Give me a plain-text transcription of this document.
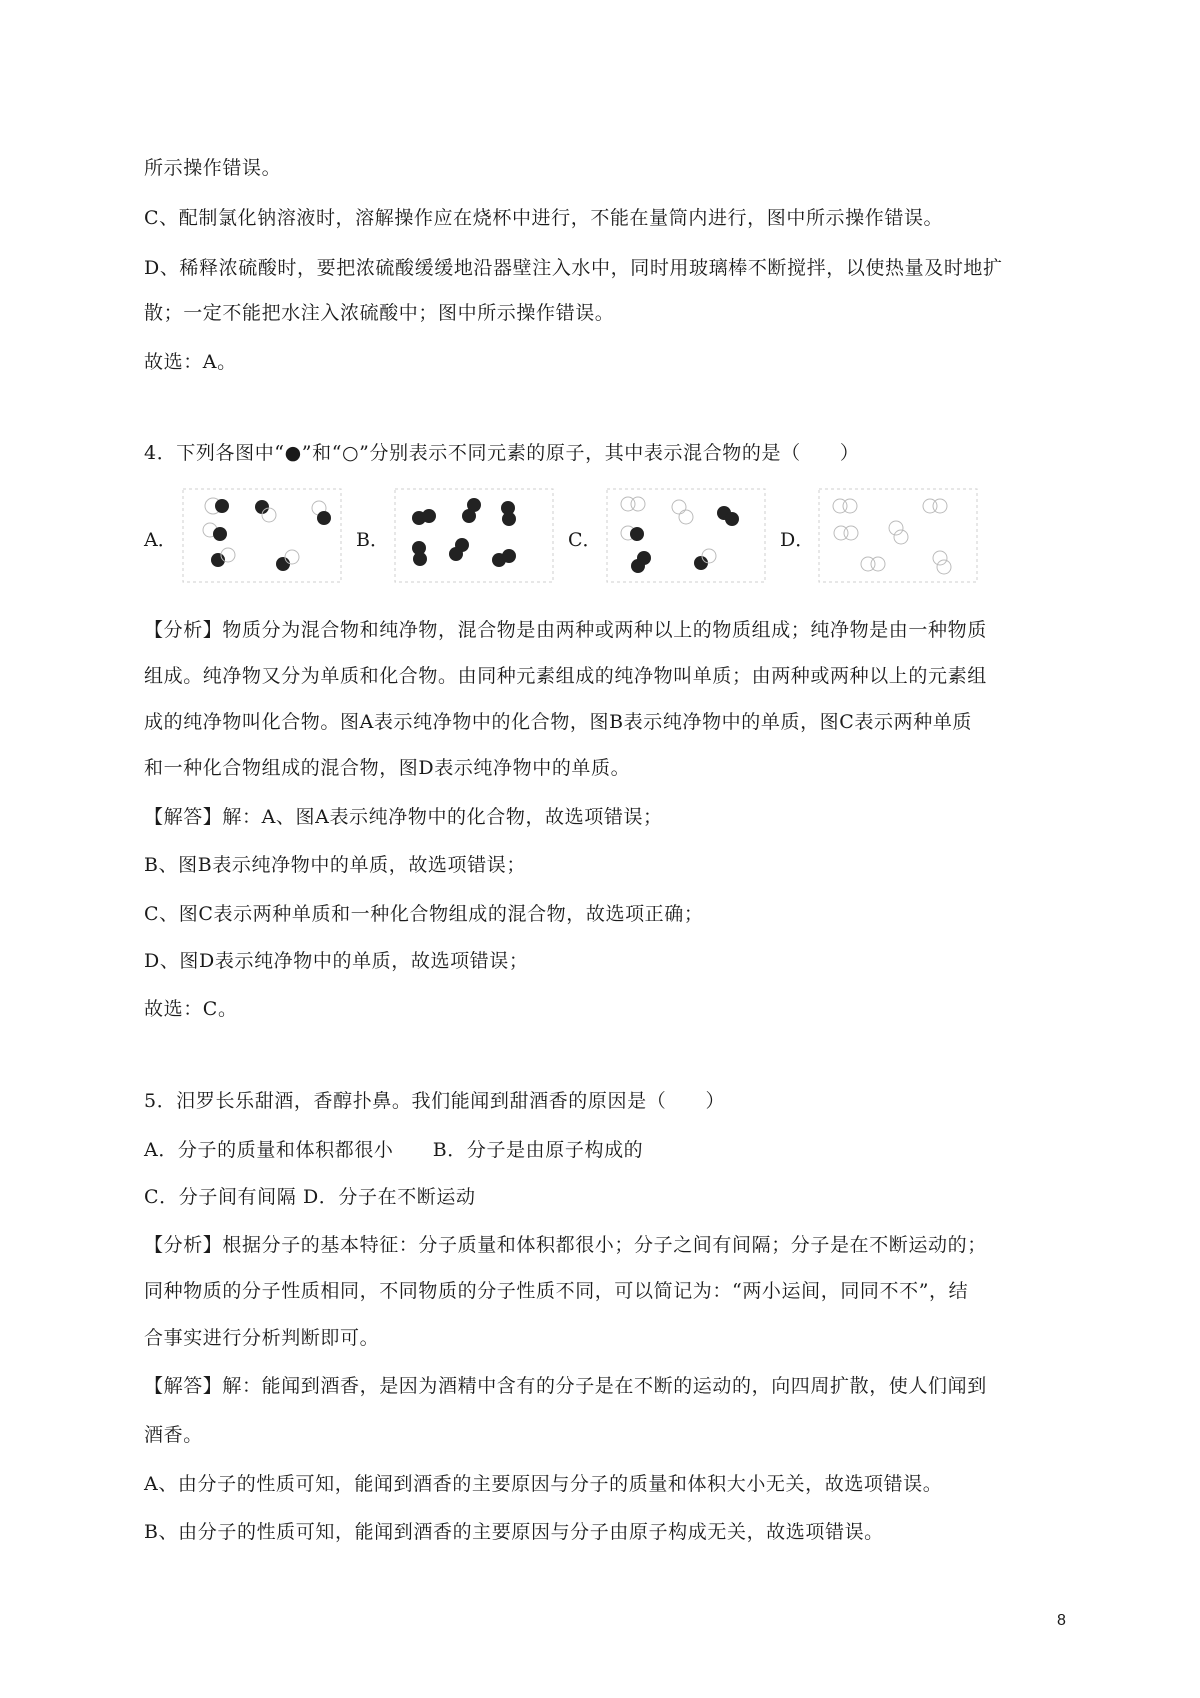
所示操作错误。
C、配制氯化钠溶液时，溶解操作应在烧杯中进行，不能在量筒内进行，图中所示操作错误。
D、稀释浓硫酸时，要把浓硫酸缓缓地沿器壁注入水中，同时用玻璃棒不断搅拌，以使热量及时地扩
散；一定不能把水注入浓硫酸中；图中所示操作错误。
故选：A。
4．下列各图中“●”和“○”分别表示不同元素的原子，其中表示混合物的是（　　）
A．	B．	C．	D．
【分析】物质分为混合物和纯净物，混合物是由两种或两种以上的物质组成；纯净物是由一种物质
组成。纯净物又分为单质和化合物。由同种元素组成的纯净物叫单质；由两种或两种以上的元素组
成的纯净物叫化合物。图A表示纯净物中的化合物，图B表示纯净物中的单质，图C表示两种单质
和一种化合物组成的混合物，图D表示纯净物中的单质。
【解答】解：A、图A表示纯净物中的化合物，故选项错误；
B、图B表示纯净物中的单质，故选项错误；
C、图C表示两种单质和一种化合物组成的混合物，故选项正确；
D、图D表示纯净物中的单质，故选项错误；
故选：C。
5．汨罗长乐甜酒，香醇扑鼻。我们能闻到甜酒香的原因是（　　）
A．分子的质量和体积都很小　　B．分子是由原子构成的
C．分子间有间隔 D．分子在不断运动
【分析】根据分子的基本特征：分子质量和体积都很小；分子之间有间隔；分子是在不断运动的；
同种物质的分子性质相同，不同物质的分子性质不同，可以简记为：“两小运间，同同不不”，结
合事实进行分析判断即可。
【解答】解：能闻到酒香，是因为酒精中含有的分子是在不断的运动的，向四周扩散，使人们闻到
酒香。
A、由分子的性质可知，能闻到酒香的主要原因与分子的质量和体积大小无关，故选项错误。
B、由分子的性质可知，能闻到酒香的主要原因与分子由原子构成无关，故选项错误。
8
